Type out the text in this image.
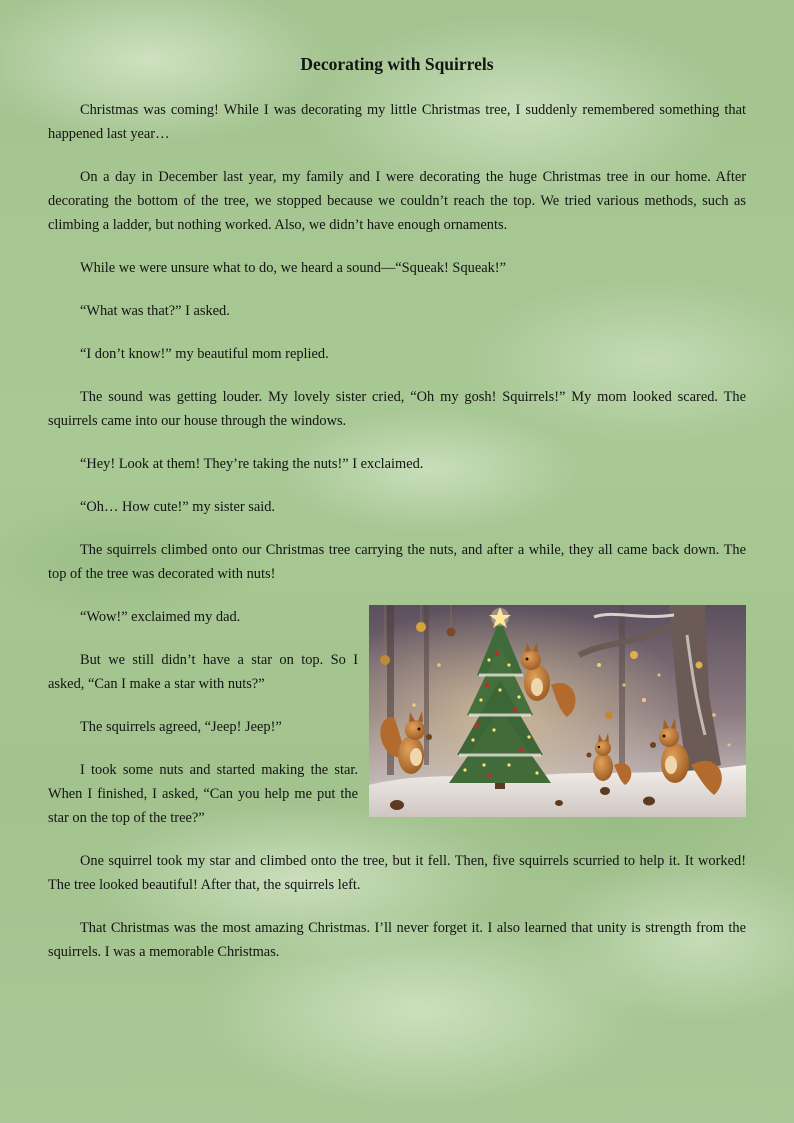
Decorating with Squirrels

Christmas was coming! While I was decorating my little Christmas tree, I suddenly remembered something that happened last year…

On a day in December last year, my family and I were decorating the huge Christmas tree in our home. After decorating the bottom of the tree, we stopped because we couldn’t reach the top. We tried various methods, such as climbing a ladder, but nothing worked. Also, we didn’t have enough ornaments.

While we were unsure what to do, we heard a sound—“Squeak! Squeak!”

“What was that?” I asked.

“I don’t know!” my beautiful mom replied.

The sound was getting louder. My lovely sister cried, “Oh my gosh! Squirrels!” My mom looked scared. The squirrels came into our house through the windows.

“Hey! Look at them! They’re taking the nuts!” I exclaimed.

“Oh… How cute!” my sister said.

The squirrels climbed onto our Christmas tree carrying the nuts, and after a while, they all came back down. The top of the tree was decorated with nuts!

“Wow!” exclaimed my dad.

But we still didn’t have a star on top. So I asked, “Can I make a star with nuts?”

The squirrels agreed, “Jeep! Jeep!”

I took some nuts and started making the star. When I finished, I asked, “Can you help me put the star on the top of the tree?”

One squirrel took my star and climbed onto the tree, but it fell. Then, five squirrels scurried to help it. It worked! The tree looked beautiful! After that, the squirrels left.

That Christmas was the most amazing Christmas. I’ll never forget it. I also learned that unity is strength from the squirrels. I was a memorable Christmas.
